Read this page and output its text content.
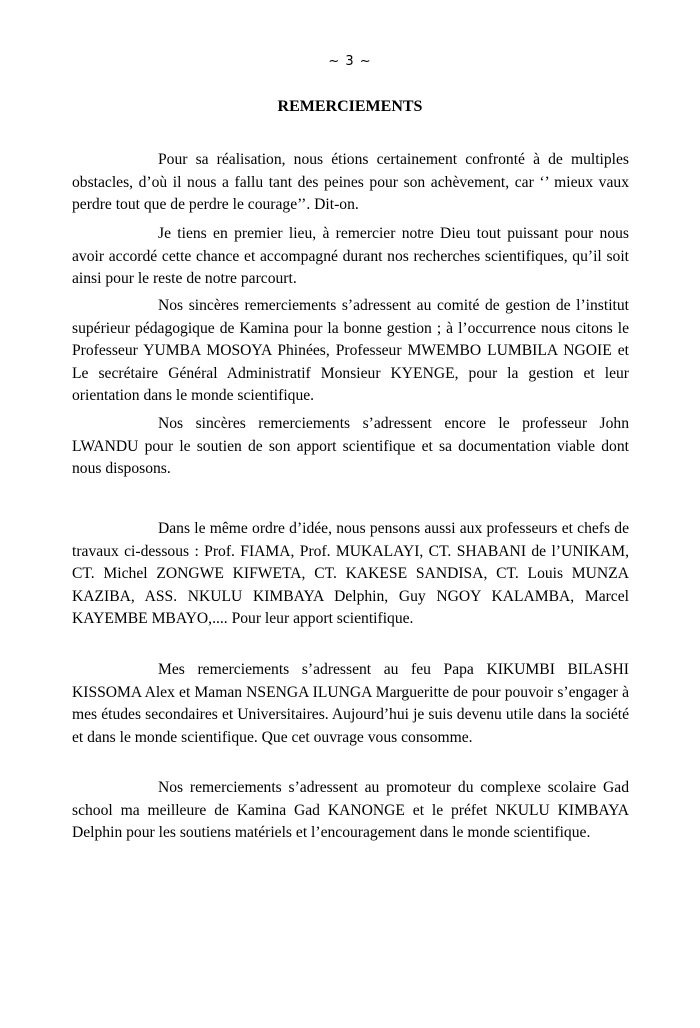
~ 3 ~
REMERCIEMENTS

Pour sa réalisation, nous étions certainement confronté à de multiples obstacles, d’où il nous a fallu tant des peines pour son achèvement, car ‘’ mieux vaux perdre tout que de perdre le courage’’. Dit-on.

Je tiens en premier lieu, à remercier notre Dieu tout puissant pour nous avoir accordé cette chance et accompagné durant nos recherches scientifiques, qu’il soit ainsi pour le reste de notre parcourt.

Nos sincères remerciements s’adressent au comité de gestion de l’institut supérieur pédagogique de Kamina pour la bonne gestion ; à l’occurrence nous citons le Professeur YUMBA MOSOYA Phinées, Professeur MWEMBO LUMBILA NGOIE et Le secrétaire Général Administratif Monsieur KYENGE, pour la gestion et leur orientation dans le monde scientifique.

Nos sincères remerciements s’adressent encore le professeur John LWANDU pour le soutien de son apport scientifique et sa documentation viable dont nous disposons.

Dans le même ordre d’idée, nous pensons aussi aux professeurs et chefs de travaux ci-dessous : Prof. FIAMA, Prof. MUKALAYI, CT. SHABANI de l’UNIKAM, CT. Michel ZONGWE KIFWETA, CT. KAKESE SANDISA, CT. Louis MUNZA KAZIBA, ASS. NKULU KIMBAYA Delphin, Guy NGOY KALAMBA, Marcel KAYEMBE MBAYO,.... Pour leur apport scientifique.

Mes remerciements s’adressent au feu Papa KIKUMBI BILASHI KISSOMA Alex et Maman NSENGA ILUNGA Margueritte de pour pouvoir s’engager à mes études secondaires et Universitaires. Aujourd’hui je suis devenu utile dans la société et dans le monde scientifique. Que cet ouvrage vous consomme.

Nos remerciements s’adressent au promoteur du complexe scolaire Gad school ma meilleure de Kamina Gad KANONGE et le préfet NKULU KIMBAYA Delphin pour les soutiens matériels et l’encouragement dans le monde scientifique.
